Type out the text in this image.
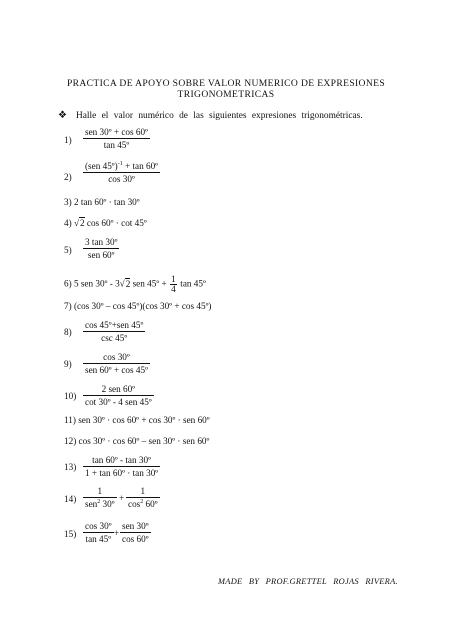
PRACTICA DE APOYO SOBRE VALOR NUMERICO DE EXPRESIONES
TRIGONOMETRICAS
❖ Halle el valor numérico de las siguientes expresiones trigonométricas.
1)
sen 30º + cos 60º
tan 45º
2)
(sen 45º)$^{-1}$ + tan 60º
cos 30º
3) 2 tan 60º · tan 30º
4) √2 cos 60º · cot 45º
5)
3 tan 30º
sen 60º
6) 5 sen 30º - 3√2 sen 45º + $\frac{1}{4}$ tan 45º
7) (cos 30º – cos 45º)(cos 30º + cos 45º)
8)
cos 45º+sen 45º
csc 45º
9)
cos 30º
sen 60º + cos 45º
10)
2 sen 60º
cot 30º - 4 sen 45º
11) sen 30º · cos 60º + cos 30º · sen 60º
12) cos 30º · cos 60º – sen 30º · sen 60º
13)
tan 60º - tan 30º
1 + tan 60º · tan 30º
14)
1
sen$^2$ 30º
+
1
$\cos^2$ 60º
15)
cos 30º
tan 45º
+
sen 30º
cos 60º
MADE BY PROF.GRETTEL ROJAS RIVERA.
